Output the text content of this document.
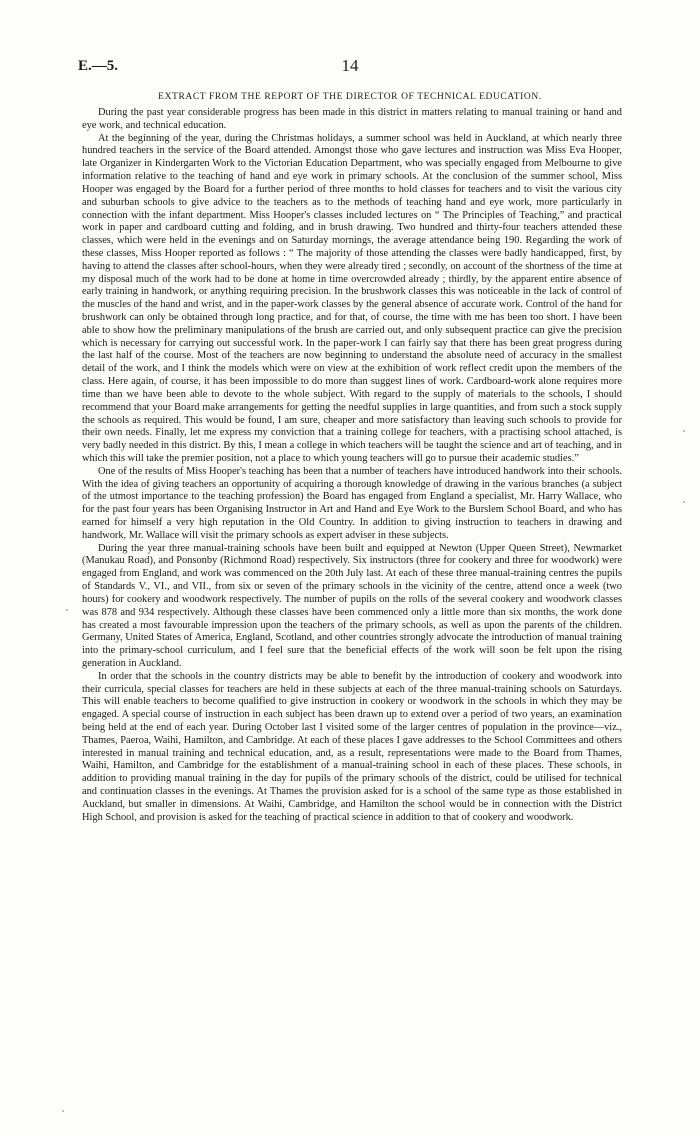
E.—5.	14
EXTRACT FROM THE REPORT OF THE DIRECTOR OF TECHNICAL EDUCATION.

During the past year considerable progress has been made in this district in matters relating to manual training or hand and eye work, and technical education.

At the beginning of the year, during the Christmas holidays, a summer school was held in Auckland, at which nearly three hundred teachers in the service of the Board attended. Amongst those who gave lectures and instruction was Miss Eva Hooper, late Organizer in Kindergarten Work to the Victorian Education Department, who was specially engaged from Melbourne to give information relative to the teaching of hand and eye work in primary schools. At the conclusion of the summer school, Miss Hooper was engaged by the Board for a further period of three months to hold classes for teachers and to visit the various city and suburban schools to give advice to the teachers as to the methods of teaching hand and eye work, more particularly in connection with the infant department. Miss Hooper's classes included lectures on “ The Principles of Teaching,” and practical work in paper and cardboard cutting and folding, and in brush drawing. Two hundred and thirty-four teachers attended these classes, which were held in the evenings and on Saturday mornings, the average attendance being 190. Regarding the work of these classes, Miss Hooper reported as follows : “ The majority of those attending the classes were badly handicapped, first, by having to attend the classes after school-hours, when they were already tired ; secondly, on account of the shortness of the time at my disposal much of the work had to be done at home in time overcrowded already ; thirdly, by the apparent entire absence of early training in handwork, or anything requiring precision. In the brushwork classes this was noticeable in the lack of control of the muscles of the hand and wrist, and in the paper-work classes by the general absence of accurate work. Control of the hand for brushwork can only be obtained through long practice, and for that, of course, the time with me has been too short. I have been able to show how the preliminary manipulations of the brush are carried out, and only subsequent practice can give the precision which is necessary for carrying out successful work. In the paper-work I can fairly say that there has been great progress during the last half of the course. Most of the teachers are now beginning to understand the absolute need of accuracy in the smallest detail of the work, and I think the models which were on view at the exhibition of work reflect credit upon the members of the class. Here again, of course, it has been impossible to do more than suggest lines of work. Cardboard-work alone requires more time than we have been able to devote to the whole subject. With regard to the supply of materials to the schools, I should recommend that your Board make arrangements for getting the needful supplies in large quantities, and from such a stock supply the schools as required. This would be found, I am sure, cheaper and more satisfactory than leaving such schools to provide for their own needs. Finally, let me express my conviction that a training college for teachers, with a practising school attached, is very badly needed in this district. By this, I mean a college in which teachers will be taught the science and art of teaching, and in which this will take the premier position, not a place to which young teachers will go to pursue their academic studies.”

One of the results of Miss Hooper's teaching has been that a number of teachers have introduced handwork into their schools. With the idea of giving teachers an opportunity of acquiring a thorough knowledge of drawing in the various branches (a subject of the utmost importance to the teaching profession) the Board has engaged from England a specialist, Mr. Harry Wallace, who for the past four years has been Organising Instructor in Art and Hand and Eye Work to the Burslem School Board, and who has earned for himself a very high reputation in the Old Country. In addition to giving instruction to teachers in drawing and handwork, Mr. Wallace will visit the primary schools as expert adviser in these subjects.

During the year three manual-training schools have been built and equipped at Newton (Upper Queen Street), Newmarket (Manukau Road), and Ponsonby (Richmond Road) respectively. Six instructors (three for cookery and three for woodwork) were engaged from England, and work was commenced on the 20th July last. At each of these three manual-training centres the pupils of Standards V., VI., and VII., from six or seven of the primary schools in the vicinity of the centre, attend once a week (two hours) for cookery and woodwork respectively. The number of pupils on the rolls of the several cookery and woodwork classes was 878 and 934 respectively. Although these classes have been commenced only a little more than six months, the work done has created a most favourable impression upon the teachers of the primary schools, as well as upon the parents of the children. Germany, United States of America, England, Scotland, and other countries strongly advocate the introduction of manual training into the primary-school curriculum, and I feel sure that the beneficial effects of the work will soon be felt upon the rising generation in Auckland.

In order that the schools in the country districts may be able to benefit by the introduction of cookery and woodwork into their curricula, special classes for teachers are held in these subjects at each of the three manual-training schools on Saturdays. This will enable teachers to become qualified to give instruction in cookery or woodwork in the schools in which they may be engaged. A special course of instruction in each subject has been drawn up to extend over a period of two years, an examination being held at the end of each year. During October last I visited some of the larger centres of population in the province—viz., Thames, Paeroa, Waihi, Hamilton, and Cambridge. At each of these places I gave addresses to the School Committees and others interested in manual training and technical education, and, as a result, representations were made to the Board from Thames, Waihi, Hamilton, and Cambridge for the establishment of a manual-training school in each of these places. These schools, in addition to providing manual training in the day for pupils of the primary schools of the district, could be utilised for technical and continuation classes in the evenings. At Thames the provision asked for is a school of the same type as those established in Auckland, but smaller in dimensions. At Waihi, Cambridge, and Hamilton the school would be in connection with the District High School, and provision is asked for the teaching of practical science in addition to that of cookery and woodwork.
